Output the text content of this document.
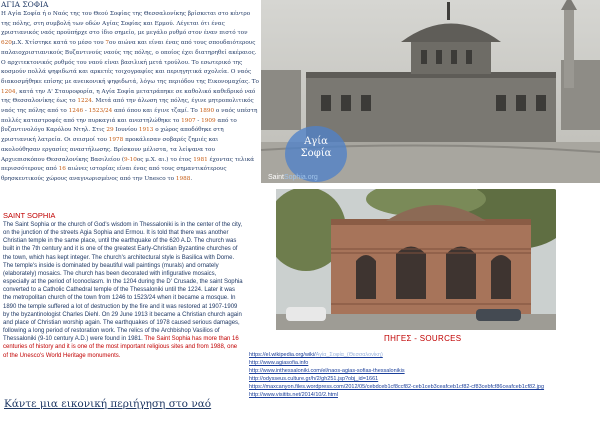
ΑΓΙΑ ΣΟΦΙΑ
Η Αγία Σοφία ή ο Ναός της του Θεού Σοφίας της Θεσσαλονίκης βρίσκεται στο κέντρο της πόλης, στη συμβολή των οδών Αγίας Σοφίας και Ερμού. Λέγεται ότι ένας χριστιανικός ναός προϋπήρχε στο ίδιο σημείο, με μεγάλο ρυθμό στον έναν πιστό τον 620μ.Χ. Χτίστηκε κατά το μέσο του 7ου αιώνα και είναι ένας από τους σπουδαιότερους παλαιοχριστιανικούς Βυζαντινούς ναούς της πόλης, ο οποίος έχει διατηρηθεί ακέραιος. Ο αρχιτεκτονικός ρυθμός του ναού είναι βασιλική μετά τρούλου. Το εσωτερικό της κοσμούν πολλά ψηφιδωτά και αρκετές τοιχογραφίες και περιηγητικά σχολεία. Ο ναός διακοσμήθηκε επίσης με ανεικονική ψηφιδωτά, λόγω της περιόδου της Εικονομαχίας. Το 1204, κατά την Δ' Σταυροφορία, η Αγία Σοφία μετατράπηκε σε καθολικό καθεδρικό ναό της Θεσσαλονίκης έως το 1224. Μετά από την άλωση της πόλης, έγινε μητροπολιτικός ναός της πόλης από το 1246 - 1523/24 από όπου και έγινε τζαμί. Το 1890 ο ναός υπέστη πολλές καταστροφές από την πυρκαγιά και ανεστηλώθηκε το 1907 - 1909 από το βυζαντινολόγο Καρόλου Ντηλ. Στις 29 Ιουνίου 1913 ο χώρος αποδόθηκε στη χριστιανική λατρεία. Οι σεισμοί του 1978 προκάλεσαν σοβαρές ζημιές και ακολούθησαν εργασίες αναστήλωσης. Βρίσκουν μέλιστα, τα λείψανα του Αρχιεπισκόπου Θεσσαλονίκης Βασιλείου (9-10ος μ.Χ. αι.) το έτος 1981 έχοντας τελικά περισσότερους από 16 αιώνες ιστορίας είναι ένας από τους σημαντικότερους θρησκευτικούς χώρους αναγνωρισμένος από την Unesco το 1988.
SAINT SOPHIA
The Saint Sophia or the church of God's wisdom in Thessaloniki is in the center of the city, on the junction of the streets Agia Sophia and Ermou. It is told that there was another Christian temple in the same place, until the earthquake of the 620 A.D. The church was built in the 7th century and it is one of the greatest Early-Christian Byzantine churches of the town, which has kept integer. The church's architectural style is Basilica with Dome. The temple's inside is dominated by beautiful wall paintings (murals) and ornately (elaborately) mosaics. The church has been decorated with infigurative mosaics, especially at the period of Iconoclasm. In the 1204 during the D' Crusade, the saint Sophia converted to a Catholic Cathedral temple of the Thessaloniki until the 1224. Later it was the metropolitan church of the town from 1246 to 1523/24 when it became a mosque. In 1890 the temple suffered a lot of destruction by the fire and it was restored at 1907-1909 by the byzantinologist Charles Diehl. On 29 June 1913 it became a Christian church again and place of Christian worship again. The earthquakes of 1978 caused serious damages, following a long period of restoration work. The relics of the Archbishop Vasilios of Thessaloniki (9-10 century A.D.) were found in 1981. The Saint Sophia has more than 16 centuries of history and it is one of the most important religious sites and from 1988, one of the Unesco's World Heritage monuments.
Κάντε μια εικονική περιήγηση στο ναό
Αγία
Σοφία
SaintSophia.org
ΠΗΓΕΣ - SOURCES
https://el.wikipedia.org/wiki/Αγία_Σοφία_(Θεσσαλονίκη)
http://www.agiasofia.info
http://www.inthessaloniki.com/el/naos-agias-sofias-thessalonikis
http://odysseus.culture.gr/h/2/gh251.jsp?obj_id=1661
https://maxcanyon.files.wordpress.com/2012/05/cebdceb1cf8ccf82-ceb1ceb3ceafceb1cf82-cf83cebfcf86ceafceb1cf82.jpg
http://www.visitits.net/2014/10/2.html
